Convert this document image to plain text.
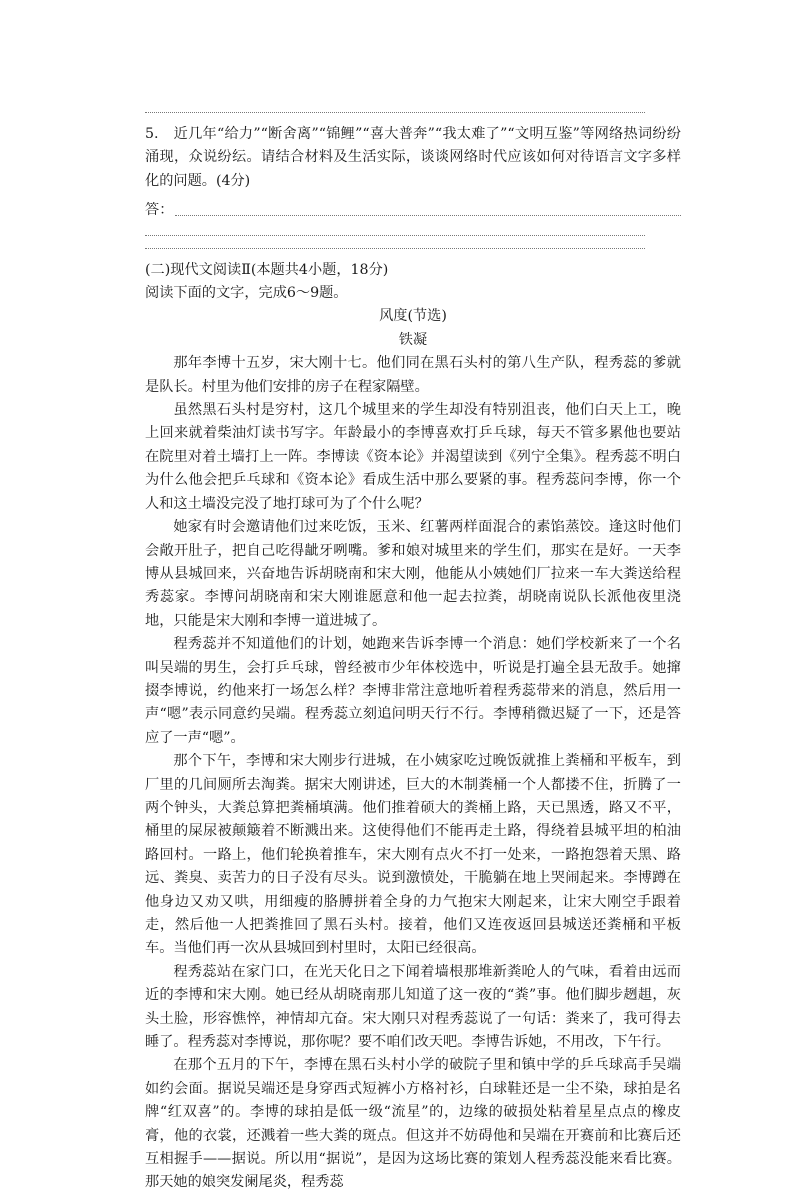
5. 近几年“给力”“断舍离”“锦鲤”“喜大普奔”“我太难了”“文明互鉴”等网络热词纷纷涌现，众说纷纭。请结合材料及生活实际，谈谈网络时代应该如何对待语言文字多样化的问题。(4分)

答：

(二)现代文阅读Ⅱ(本题共4小题，18分)

阅读下面的文字，完成6～9题。

风度(节选)

铁凝

那年李博十五岁，宋大刚十七。他们同在黑石头村的第八生产队，程秀蕊的爹就是队长。村里为他们安排的房子在程家隔壁。

虽然黑石头村是穷村，这几个城里来的学生却没有特别沮丧，他们白天上工，晚上回来就着柴油灯读书写字。年龄最小的李博喜欢打乒乓球，每天不管多累他也要站在院里对着土墙打上一阵。李博读《资本论》并渴望读到《列宁全集》。程秀蕊不明白为什么他会把乒乓球和《资本论》看成生活中那么要紧的事。程秀蕊问李博，你一个人和这土墙没完没了地打球可为了个什么呢？

她家有时会邀请他们过来吃饭，玉米、红薯两样面混合的素馅蒸饺。逢这时他们会敞开肚子，把自己吃得龇牙咧嘴。爹和娘对城里来的学生们，那实在是好。一天李博从县城回来，兴奋地告诉胡晓南和宋大刚，他能从小姨她们厂拉来一车大粪送给程秀蕊家。李博问胡晓南和宋大刚谁愿意和他一起去拉粪，胡晓南说队长派他夜里浇地，只能是宋大刚和李博一道进城了。

程秀蕊并不知道他们的计划，她跑来告诉李博一个消息：她们学校新来了一个名叫吴端的男生，会打乒乓球，曾经被市少年体校选中，听说是打遍全县无敌手。她撺掇李博说，约他来打一场怎么样？李博非常注意地听着程秀蕊带来的消息，然后用一声“嗯”表示同意约吴端。程秀蕊立刻追问明天行不行。李博稍微迟疑了一下，还是答应了一声“嗯”。

那个下午，李博和宋大刚步行进城，在小姨家吃过晚饭就推上粪桶和平板车，到厂里的几间厕所去淘粪。据宋大刚讲述，巨大的木制粪桶一个人都搂不住，折腾了一两个钟头，大粪总算把粪桶填满。他们推着硕大的粪桶上路，天已黑透，路又不平，桶里的屎尿被颠簸着不断溅出来。这使得他们不能再走土路，得绕着县城平坦的柏油路回村。一路上，他们轮换着推车，宋大刚有点火不打一处来，一路抱怨着天黑、路远、粪臭、卖苦力的日子没有尽头。说到激愤处，干脆躺在地上哭闹起来。李博蹲在他身边又劝又哄，用细瘦的胳膊拼着全身的力气抱宋大刚起来，让宋大刚空手跟着走，然后他一人把粪推回了黑石头村。接着，他们又连夜返回县城送还粪桶和平板车。当他们再一次从县城回到村里时，太阳已经很高。

程秀蕊站在家门口，在光天化日之下闻着墙根那堆新粪呛人的气味，看着由远而近的李博和宋大刚。她已经从胡晓南那儿知道了这一夜的“粪”事。他们脚步趔趄，灰头土脸，形容憔悴，神情却亢奋。宋大刚只对程秀蕊说了一句话：粪来了，我可得去睡了。程秀蕊对李博说，那你呢？要不咱们改天吧。李博告诉她，不用改，下午行。

在那个五月的下午，李博在黑石头村小学的破院子里和镇中学的乒乓球高手吴端如约会面。据说吴端还是身穿西式短裤小方格衬衫，白球鞋还是一尘不染，球拍是名牌“红双喜”的。李博的球拍是低一级“流星”的，边缘的破损处粘着星星点点的橡皮膏，他的衣裳，还溅着一些大粪的斑点。但这并不妨碍他和吴端在开赛前和比赛后还互相握手——据说。所以用“据说”，是因为这场比赛的策划人程秀蕊没能来看比赛。那天她的娘突发阑尾炎，程秀蕊
